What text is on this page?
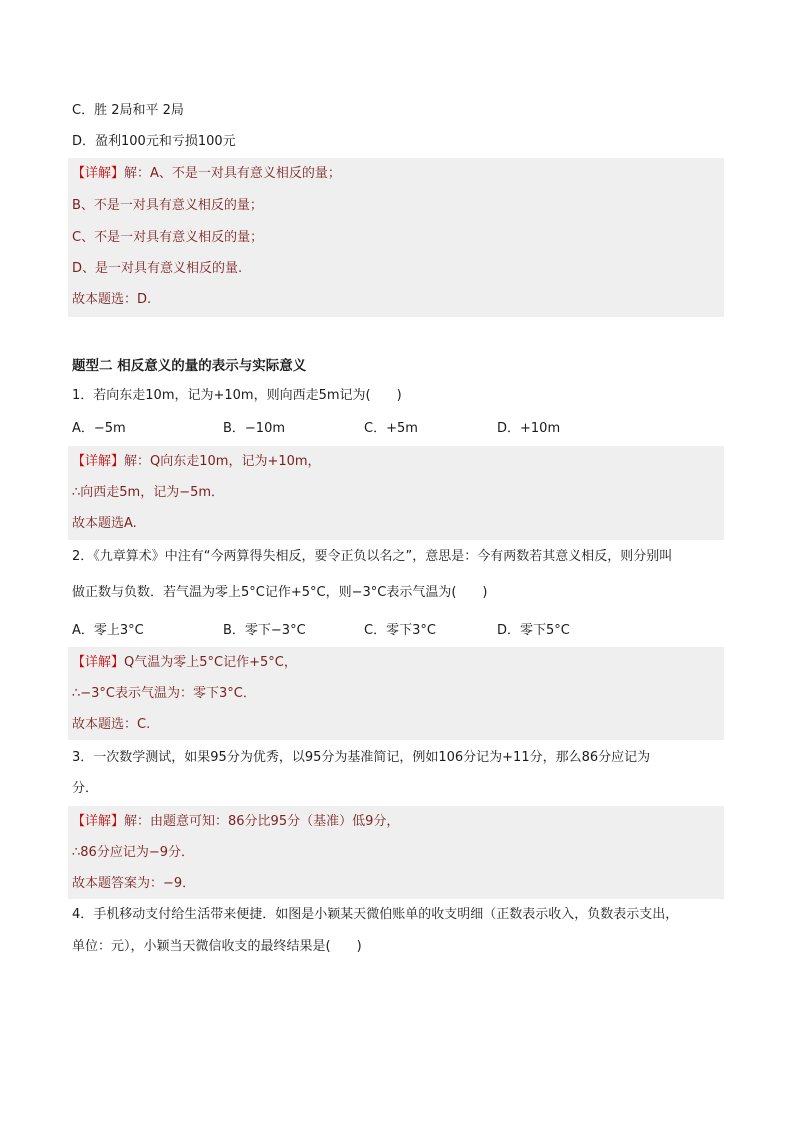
C．胜 2局和平 2局
D．盈利100元和亏损100元
【详解】解：A、不是一对具有意义相反的量；
B、不是一对具有意义相反的量；
C、不是一对具有意义相反的量；
D、是一对具有意义相反的量.
故本题选：D.
题型二 相反意义的量的表示与实际意义
1．若向东走10m，记为+10m，则向西走5m记为(　　)
A．−5m	B．−10m	C．+5m	D．+10m
【详解】解：Q向东走10m，记为+10m，
∴向西走5m，记为−5m．
故本题选A.
2．《九章算术》中注有“今两算得失相反，要令正负以名之”，意思是：今有两数若其意义相反，则分别叫
做正数与负数．若气温为零上5°C记作+5°C，则−3°C表示气温为(　　)
A．零上3°C	B．零下−3°C	C．零下3°C	D．零下5°C
【详解】Q气温为零上5°C记作+5°C，
∴−3°C表示气温为：零下3°C．
故本题选：C.
3．一次数学测试，如果95分为优秀，以95分为基准简记，例如106分记为+11分，那么86分应记为
分．
【详解】解：由题意可知：86分比95分（基准）低9分，
∴86分应记为−9分．
故本题答案为：−9．
4．手机移动支付给生活带来便捷．如图是小颖某天微伯账单的收支明细（正数表示收入，负数表示支出，
单位：元），小颖当天微信收支的最终结果是(　　)
